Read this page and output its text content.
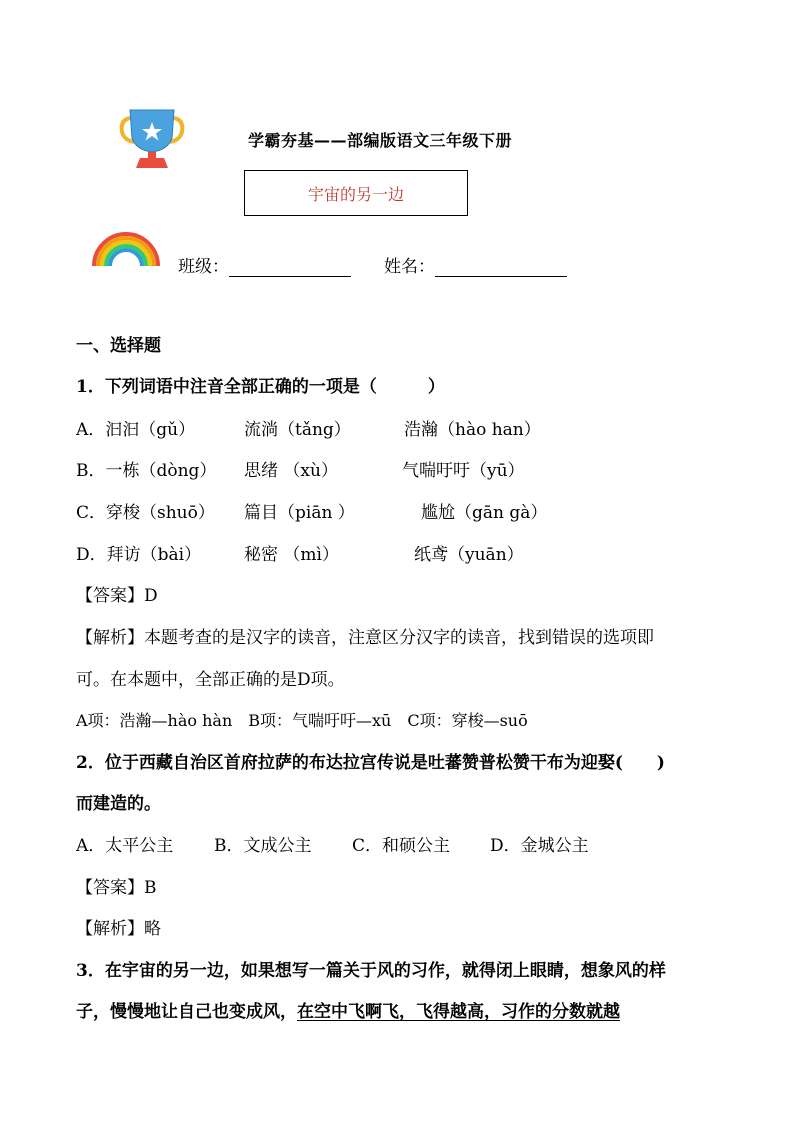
学霸夯基——部编版语文三年级下册
宇宙的另一边
班级：	姓名：
一、选择题
1．下列词语中注音全部正确的一项是（　　　）
A．汩汩（gǔ）	流淌（tǎng）	浩瀚（hào han）
B．一栋（dòng） 思绪 （xù）	气喘吁吁（yū）
C．穿梭（shuō） 篇目（piān ）	尴尬（gān gà）
D．拜访（bài）	秘密 （mì）	纸鸢（yuān）
【答案】D
【解析】本题考查的是汉字的读音，注意区分汉字的读音，找到错误的选项即
可。在本题中，全部正确的是D项。
A项：浩瀚—hào hàn　B项：气喘吁吁—xū　C项：穿梭—suō
2．位于西藏自治区首府拉萨的布达拉宫传说是吐蕃赞普松赞干布为迎娶(　　)
而建造的。
A．太平公主 B．文成公主 C．和硕公主 D．金城公主
【答案】B
【解析】略
3．在宇宙的另一边，如果想写一篇关于风的习作，就得闭上眼睛，想象风的样
子，慢慢地让自己也变成风，在空中飞啊飞，飞得越高，习作的分数就越
